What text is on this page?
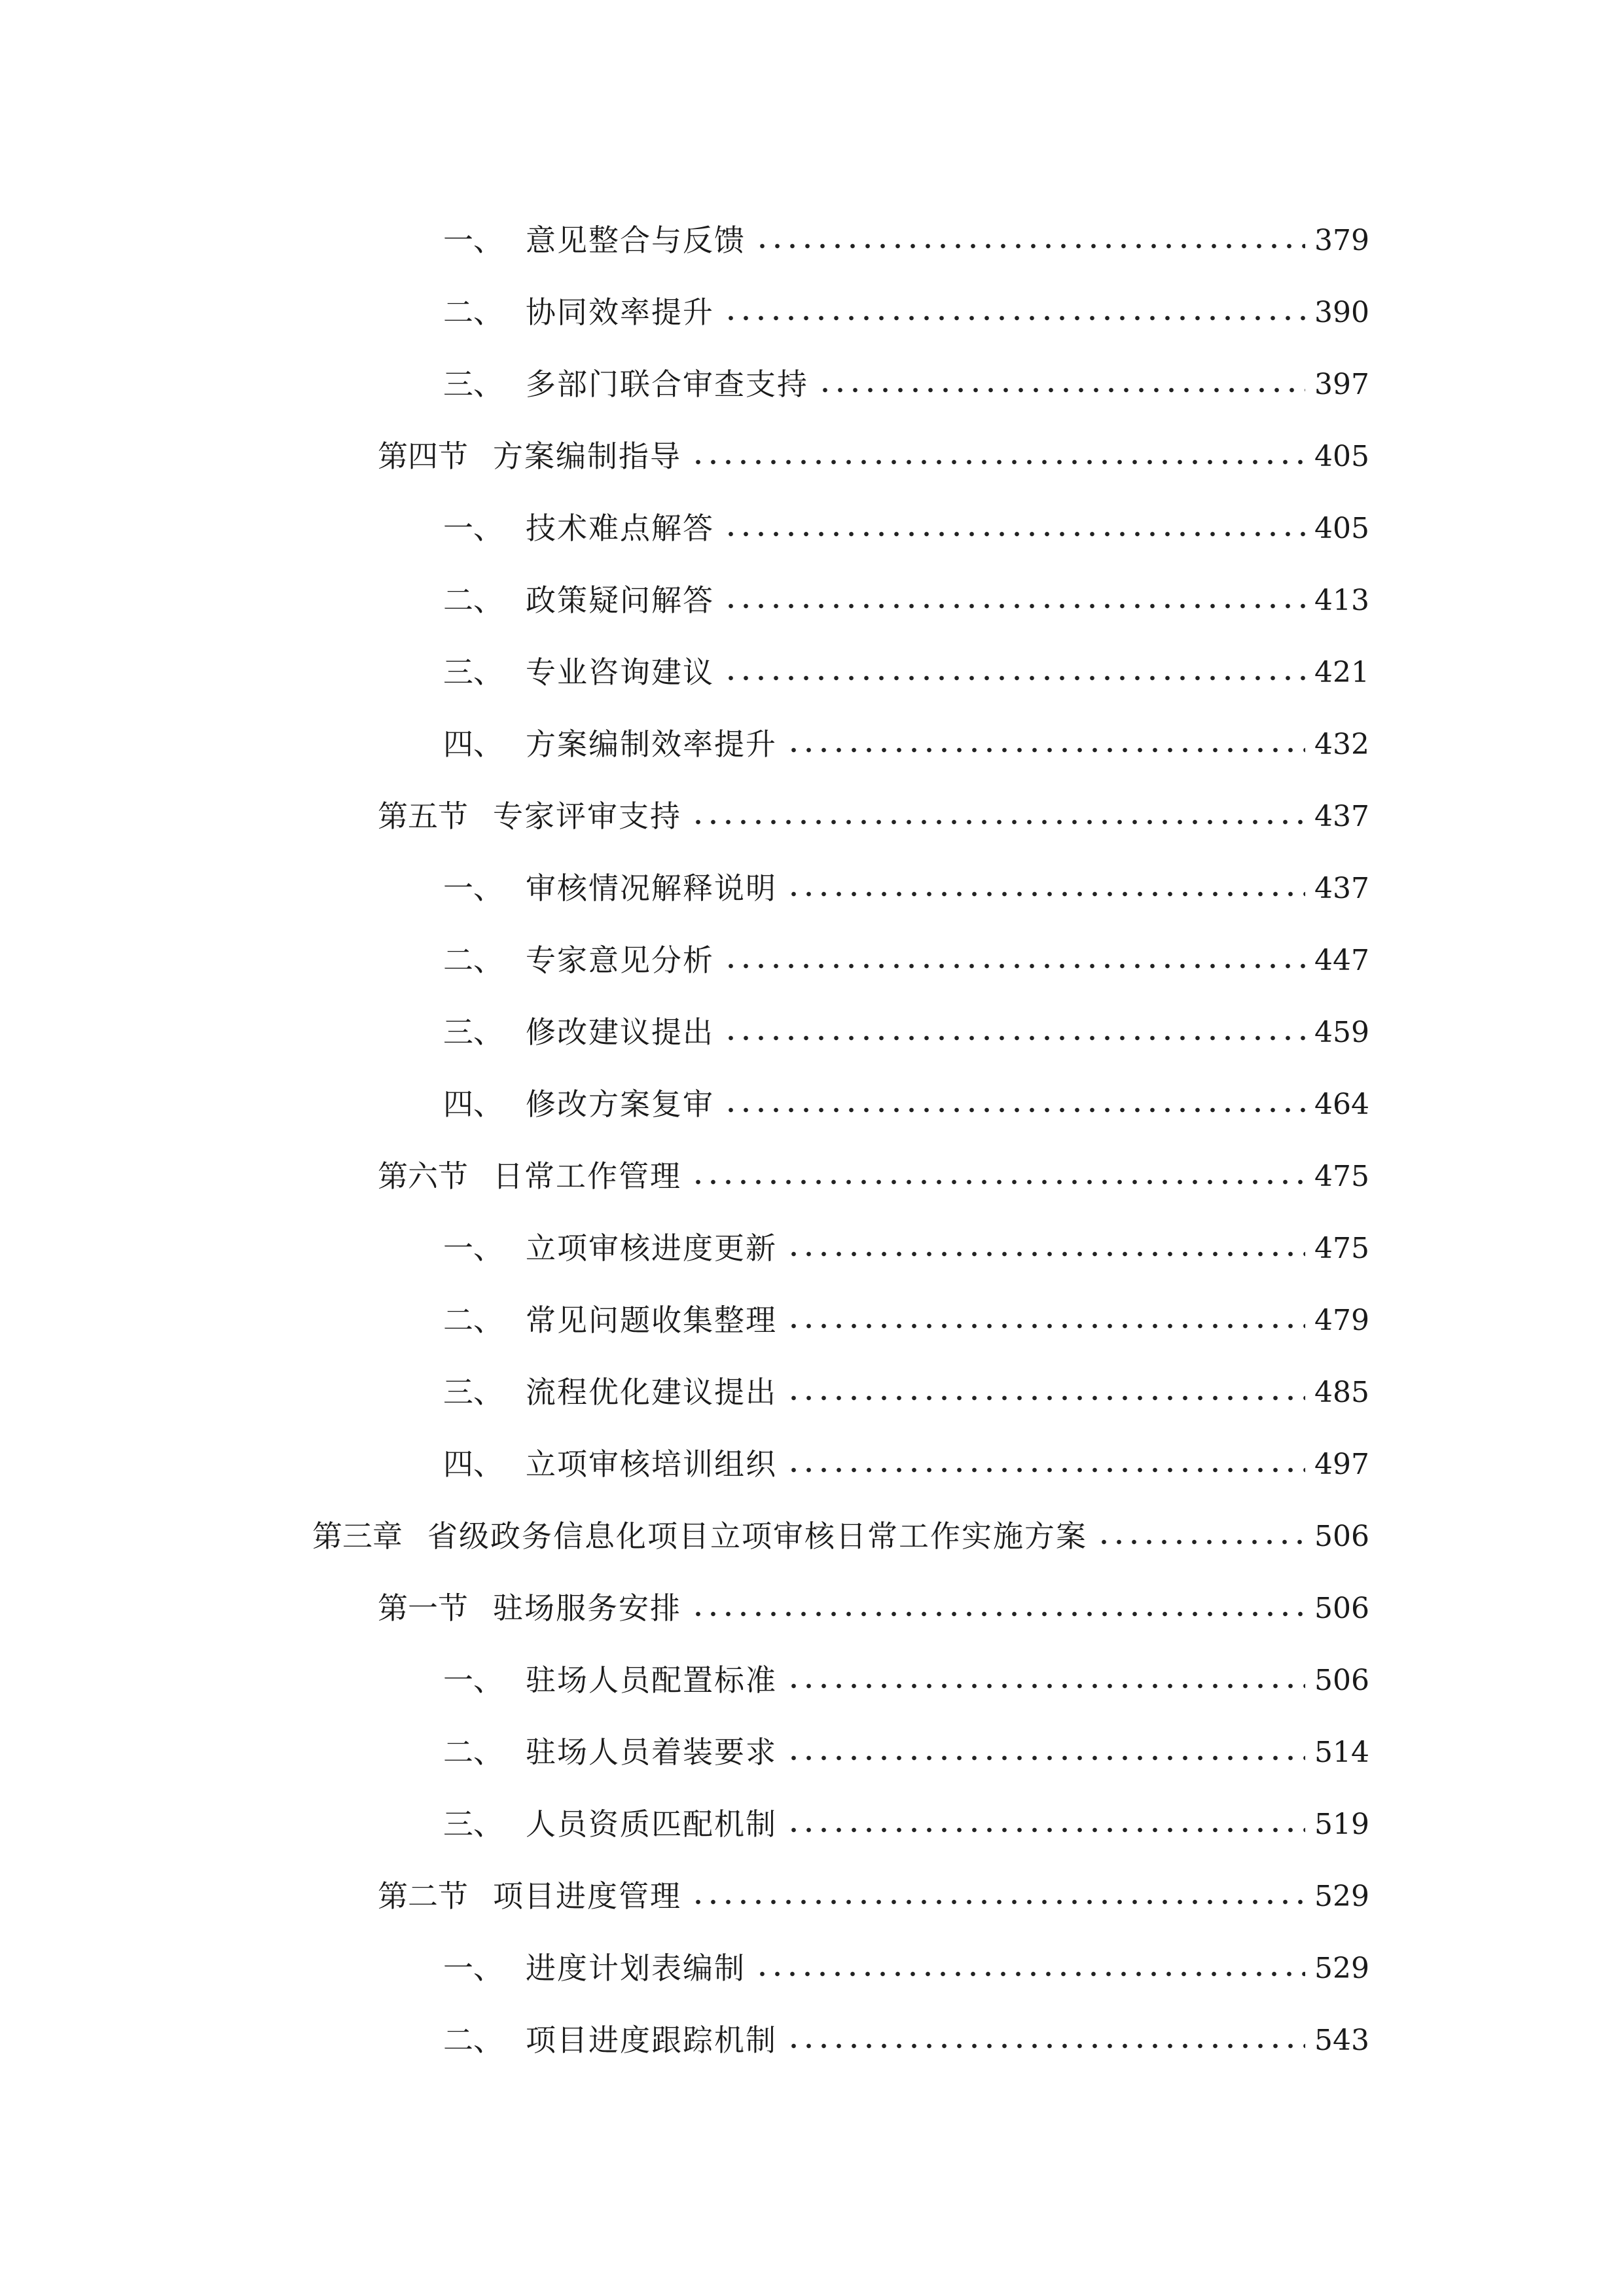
一、 意见整合与反馈	379
二、 协同效率提升	390
三、 多部门联合审查支持	397
第四节 方案编制指导	405
一、 技术难点解答	405
二、 政策疑问解答	413
三、 专业咨询建议	421
四、 方案编制效率提升	432
第五节 专家评审支持	437
一、 审核情况解释说明	437
二、 专家意见分析	447
三、 修改建议提出	459
四、 修改方案复审	464
第六节 日常工作管理	475
一、 立项审核进度更新	475
二、 常见问题收集整理	479
三、 流程优化建议提出	485
四、 立项审核培训组织	497
第三章 省级政务信息化项目立项审核日常工作实施方案	506
第一节 驻场服务安排	506
一、 驻场人员配置标准	506
二、 驻场人员着装要求	514
三、 人员资质匹配机制	519
第二节 项目进度管理	529
一、 进度计划表编制	529
二、 项目进度跟踪机制	543
